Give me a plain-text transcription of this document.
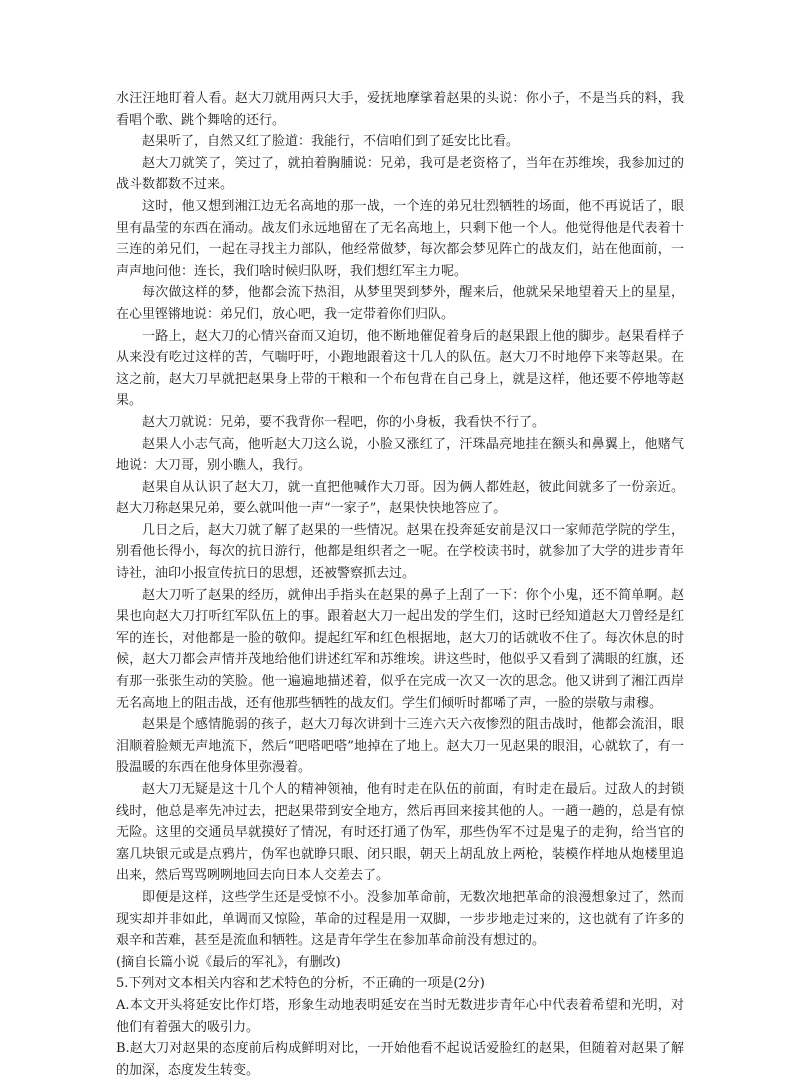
水汪汪地盯着人看。赵大刀就用两只大手，爱抚地摩挲着赵果的头说：你小子，不是当兵的料，我看唱个歌、跳个舞啥的还行。

赵果听了，自然又红了脸道：我能行，不信咱们到了延安比比看。

赵大刀就笑了，笑过了，就拍着胸脯说：兄弟，我可是老资格了，当年在苏维埃，我参加过的战斗数都数不过来。

这时，他又想到湘江边无名高地的那一战，一个连的弟兄壮烈牺牲的场面，他不再说话了，眼里有晶莹的东西在涌动。战友们永远地留在了无名高地上，只剩下他一个人。他觉得他是代表着十三连的弟兄们，一起在寻找主力部队，他经常做梦，每次都会梦见阵亡的战友们，站在他面前，一声声地问他：连长，我们啥时候归队呀，我们想红军主力呢。

每次做这样的梦，他都会流下热泪，从梦里哭到梦外，醒来后，他就呆呆地望着天上的星星，在心里铿锵地说：弟兄们，放心吧，我一定带着你们归队。

一路上，赵大刀的心情兴奋而又迫切，他不断地催促着身后的赵果跟上他的脚步。赵果看样子从来没有吃过这样的苦，气喘吁吁，小跑地跟着这十几人的队伍。赵大刀不时地停下来等赵果。在这之前，赵大刀早就把赵果身上带的干粮和一个布包背在自己身上，就是这样，他还要不停地等赵果。

赵大刀就说：兄弟，要不我背你一程吧，你的小身板，我看快不行了。

赵果人小志气高，他听赵大刀这么说，小脸又涨红了，汗珠晶亮地挂在额头和鼻翼上，他赌气地说：大刀哥，别小瞧人，我行。

赵果自从认识了赵大刀，就一直把他喊作大刀哥。因为俩人都姓赵，彼此间就多了一份亲近。赵大刀称赵果兄弟，要么就叫他一声“一家子”，赵果快快地答应了。

几日之后，赵大刀就了解了赵果的一些情况。赵果在投奔延安前是汉口一家师范学院的学生，别看他长得小，每次的抗日游行，他都是组织者之一呢。在学校读书时，就参加了大学的进步青年诗社，油印小报宣传抗日的思想，还被警察抓去过。

赵大刀听了赵果的经历，就伸出手指头在赵果的鼻子上刮了一下：你个小鬼，还不简单啊。赵果也向赵大刀打听红军队伍上的事。跟着赵大刀一起出发的学生们，这时已经知道赵大刀曾经是红军的连长，对他都是一脸的敬仰。提起红军和红色根据地，赵大刀的话就收不住了。每次休息的时候，赵大刀都会声情并茂地给他们讲述红军和苏维埃。讲这些时，他似乎又看到了满眼的红旗，还有那一张张生动的笑脸。他一遍遍地描述着，似乎在完成一次又一次的思念。他又讲到了湘江西岸无名高地上的阻击战，还有他那些牺牲的战友们。学生们倾听时都唏了声，一脸的崇敬与肃穆。

赵果是个感情脆弱的孩子，赵大刀每次讲到十三连六天六夜惨烈的阻击战时，他都会流泪，眼泪顺着脸颊无声地流下，然后“吧嗒吧嗒”地掉在了地上。赵大刀一见赵果的眼泪，心就软了，有一股温暖的东西在他身体里弥漫着。

赵大刀无疑是这十几个人的精神领袖，他有时走在队伍的前面，有时走在最后。过敌人的封锁线时，他总是率先冲过去，把赵果带到安全地方，然后再回来接其他的人。一趟一趟的，总是有惊无险。这里的交通员早就摸好了情况，有时还打通了伪军，那些伪军不过是鬼子的走狗，给当官的塞几块银元或是点鸦片，伪军也就睁只眼、闭只眼，朝天上胡乱放上两枪，装模作样地从炮楼里追出来，然后骂骂咧咧地回去向日本人交差去了。

即便是这样，这些学生还是受惊不小。没参加革命前，无数次地把革命的浪漫想象过了，然而现实却并非如此，单调而又惊险，革命的过程是用一双脚，一步步地走过来的，这也就有了许多的艰辛和苦难，甚至是流血和牺牲。这是青年学生在参加革命前没有想过的。

(摘自长篇小说《最后的军礼》，有删改)

5.下列对文本相关内容和艺术特色的分析，不正确的一项是(2分)

A.本文开头将延安比作灯塔，形象生动地表明延安在当时无数进步青年心中代表着希望和光明，对他们有着强大的吸引力。

B.赵大刀对赵果的态度前后构成鲜明对比，一开始他看不起说话爱脸红的赵果，但随着对赵果了解的加深，态度发生转变。
